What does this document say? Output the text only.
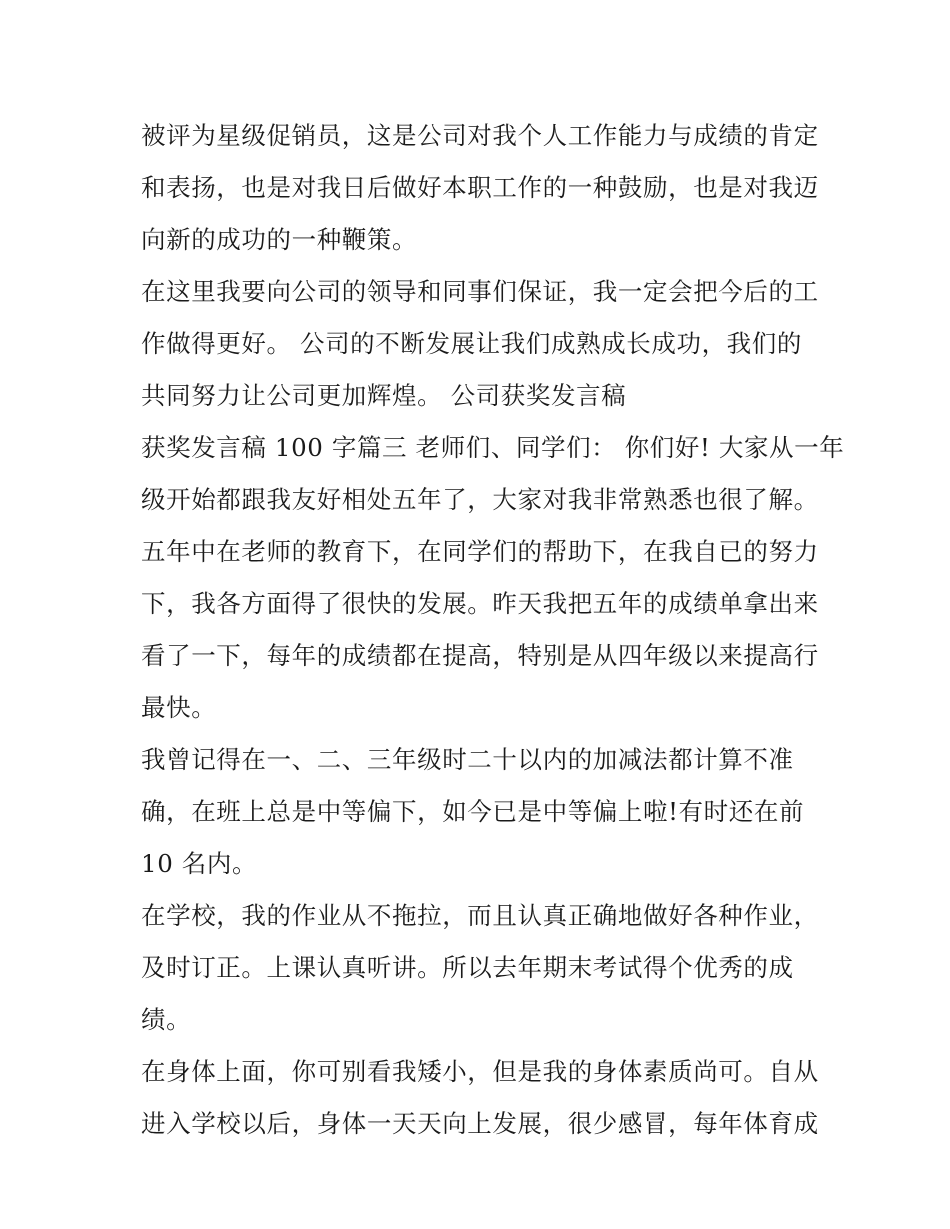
被评为星级促销员，这是公司对我个人工作能力与成绩的肯定
和表扬，也是对我日后做好本职工作的一种鼓励，也是对我迈
向新的成功的一种鞭策。
在这里我要向公司的领导和同事们保证，我一定会把今后的工
作做得更好。 公司的不断发展让我们成熟成长成功，我们的
共同努力让公司更加辉煌。 公司获奖发言稿
获奖发言稿 100 字篇三 老师们、同学们： 你们好! 大家从一年
级开始都跟我友好相处五年了，大家对我非常熟悉也很了解。
五年中在老师的教育下，在同学们的帮助下，在我自已的努力
下，我各方面得了很快的发展。昨天我把五年的成绩单拿出来
看了一下，每年的成绩都在提高，特别是从四年级以来提高行
最快。
我曾记得在一、二、三年级时二十以内的加减法都计算不准
确，在班上总是中等偏下，如今已是中等偏上啦!有时还在前
10 名内。
在学校，我的作业从不拖拉，而且认真正确地做好各种作业，
及时订正。上课认真听讲。所以去年期末考试得个优秀的成
绩。
在身体上面，你可别看我矮小，但是我的身体素质尚可。自从
进入学校以后，身体一天天向上发展，很少感冒，每年体育成
